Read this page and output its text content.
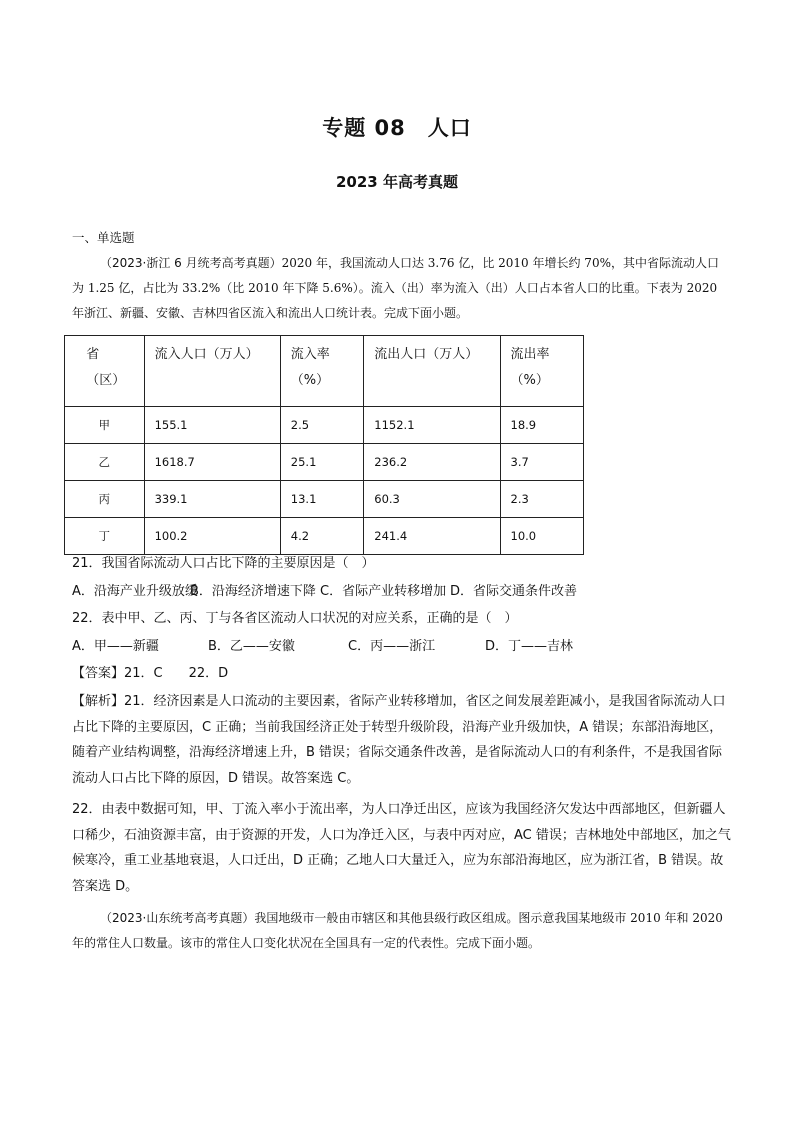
专题 08　人口
2023 年高考真题
一、单选题
（2023·浙江 6 月统考高考真题）2020 年，我国流动人口达 3.76 亿，比 2010 年增长约 70%，其中省际流动人口为 1.25 亿，占比为 33.2%（比 2010 年下降 5.6%）。流入（出）率为流入（出）人口占本省人口的比重。下表为 2020 年浙江、新疆、安徽、吉林四省区流入和流出人口统计表。完成下面小题。
省（区）	流入人口（万人）	流入率（%）	流出人口（万人）	流出率（%）
甲	155.1	2.5	1152.1	18.9
乙	1618.7	25.1	236.2	3.7
丙	339.1	13.1	60.3	2.3
丁	100.2	4.2	241.4	10.0
21．我国省际流动人口占比下降的主要原因是（　）
A．沿海产业升级放缓B．沿海经济增速下降 C．省际产业转移增加 D．省际交通条件改善
22．表中甲、乙、丙、丁与各省区流动人口状况的对应关系，正确的是（　）
A．甲——新疆	B．乙——安徽	C．丙——浙江	D．丁——吉林
【答案】21．C　　22．D
【解析】21．经济因素是人口流动的主要因素，省际产业转移增加，省区之间发展差距减小，是我国省际流动人口占比下降的主要原因，C 正确；当前我国经济正处于转型升级阶段，沿海产业升级加快，A 错误；东部沿海地区，随着产业结构调整，沿海经济增速上升，B 错误；省际交通条件改善，是省际流动人口的有利条件，不是我国省际流动人口占比下降的原因，D 错误。故答案选 C。
22．由表中数据可知，甲、丁流入率小于流出率，为人口净迁出区，应该为我国经济欠发达中西部地区，但新疆人口稀少，石油资源丰富，由于资源的开发，人口为净迁入区，与表中丙对应，AC 错误；吉林地处中部地区，加之气候寒冷，重工业基地衰退，人口迁出，D 正确；乙地人口大量迁入，应为东部沿海地区，应为浙江省，B 错误。故答案选 D。
（2023·山东统考高考真题）我国地级市一般由市辖区和其他县级行政区组成。图示意我国某地级市 2010 年和 2020 年的常住人口数量。该市的常住人口变化状况在全国具有一定的代表性。完成下面小题。
